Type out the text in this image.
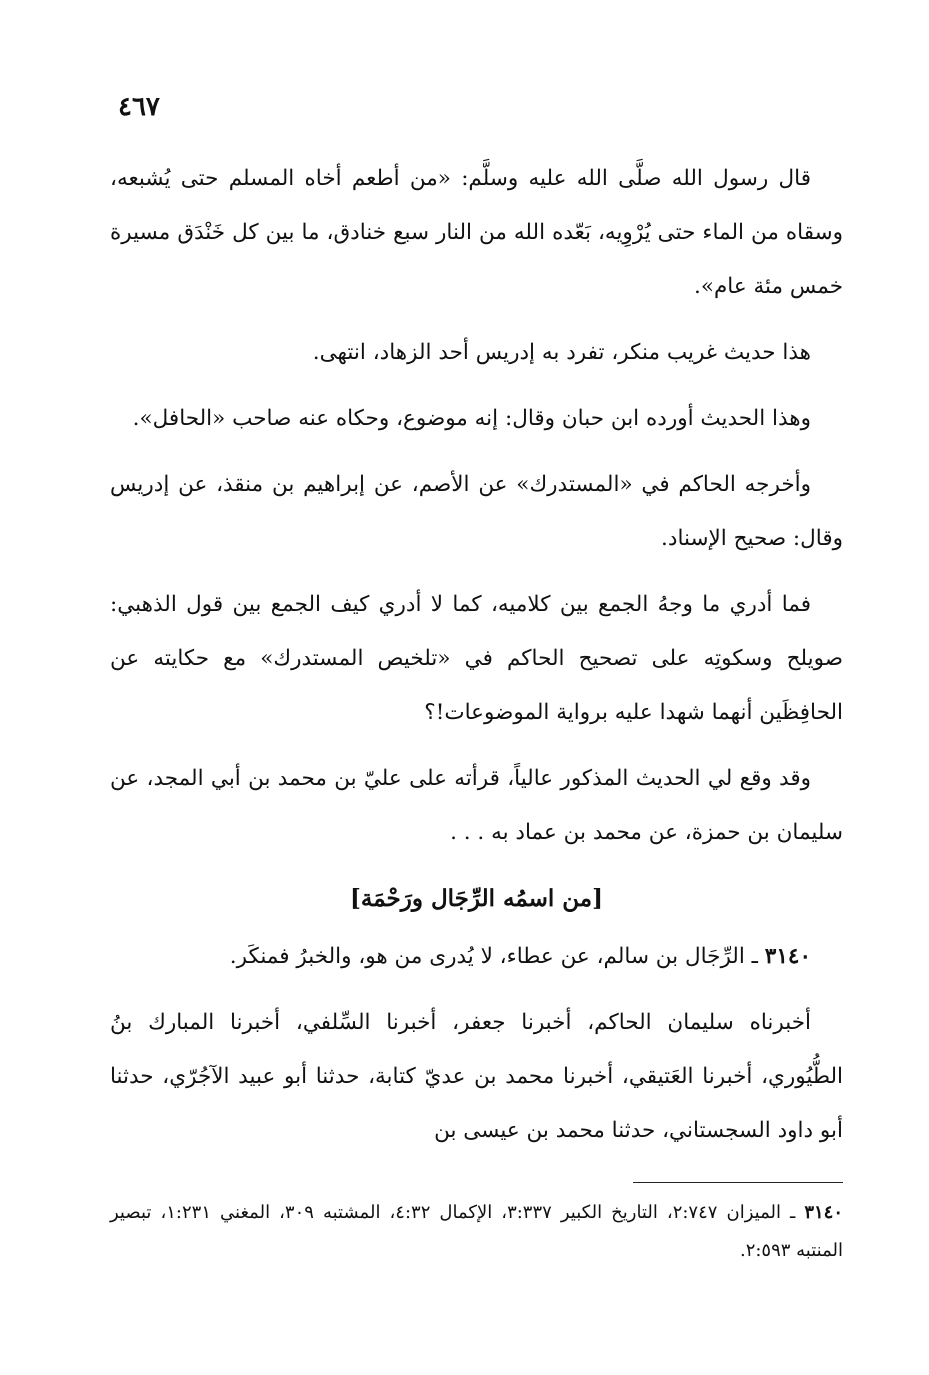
٤٦٧

قال رسول الله صلَّى الله عليه وسلَّم: «من أطعم أخاه المسلم حتى يُشبعه، وسقاه من الماء حتى يُرْوِيه، بَعّده الله من النار سبع خنادق، ما بين كل خَنْدَق مسيرة خمس مئة عام».

هذا حديث غريب منكر، تفرد به إدريس أحد الزهاد، انتهى.

وهذا الحديث أورده ابن حبان وقال: إنه موضوع، وحكاه عنه صاحب «الحافل».

وأخرجه الحاكم في «المستدرك» عن الأصم، عن إبراهيم بن منقذ، عن إدريس وقال: صحيح الإسناد.

فما أدري ما وجهُ الجمع بين كلاميه، كما لا أدري كيف الجمع بين قول الذهبي: صويلح وسكوتِه على تصحيح الحاكم في «تلخيص المستدرك» مع حكايته عن الحافِظَين أنهما شهدا عليه برواية الموضوعات!؟

وقد وقع لي الحديث المذكور عالياً، قرأته على عليّ بن محمد بن أبي المجد، عن سليمان بن حمزة، عن محمد بن عماد به . . .

[من اسمُه الرِّجَال ورَحْمَة]

٣١٤٠ ـ الرِّجَال بن سالم، عن عطاء، لا يُدرى من هو، والخبرُ فمنكَر.

أخبرناه سليمان الحاكم، أخبرنا جعفر، أخبرنا السِّلفي، أخبرنا المبارك بنُ الطُّيُوري، أخبرنا العَتيقي، أخبرنا محمد بن عديّ كتابة، حدثنا أبو عبيد الآجُرّي، حدثنا أبو داود السجستاني، حدثنا محمد بن عيسى بن

٣١٤٠ ـ الميزان ٢:٧٤٧، التاريخ الكبير ٣:٣٣٧، الإكمال ٤:٣٢، المشتبه ٣٠٩، المغني ١:٢٣١، تبصير المنتبه ٢:٥٩٣.
